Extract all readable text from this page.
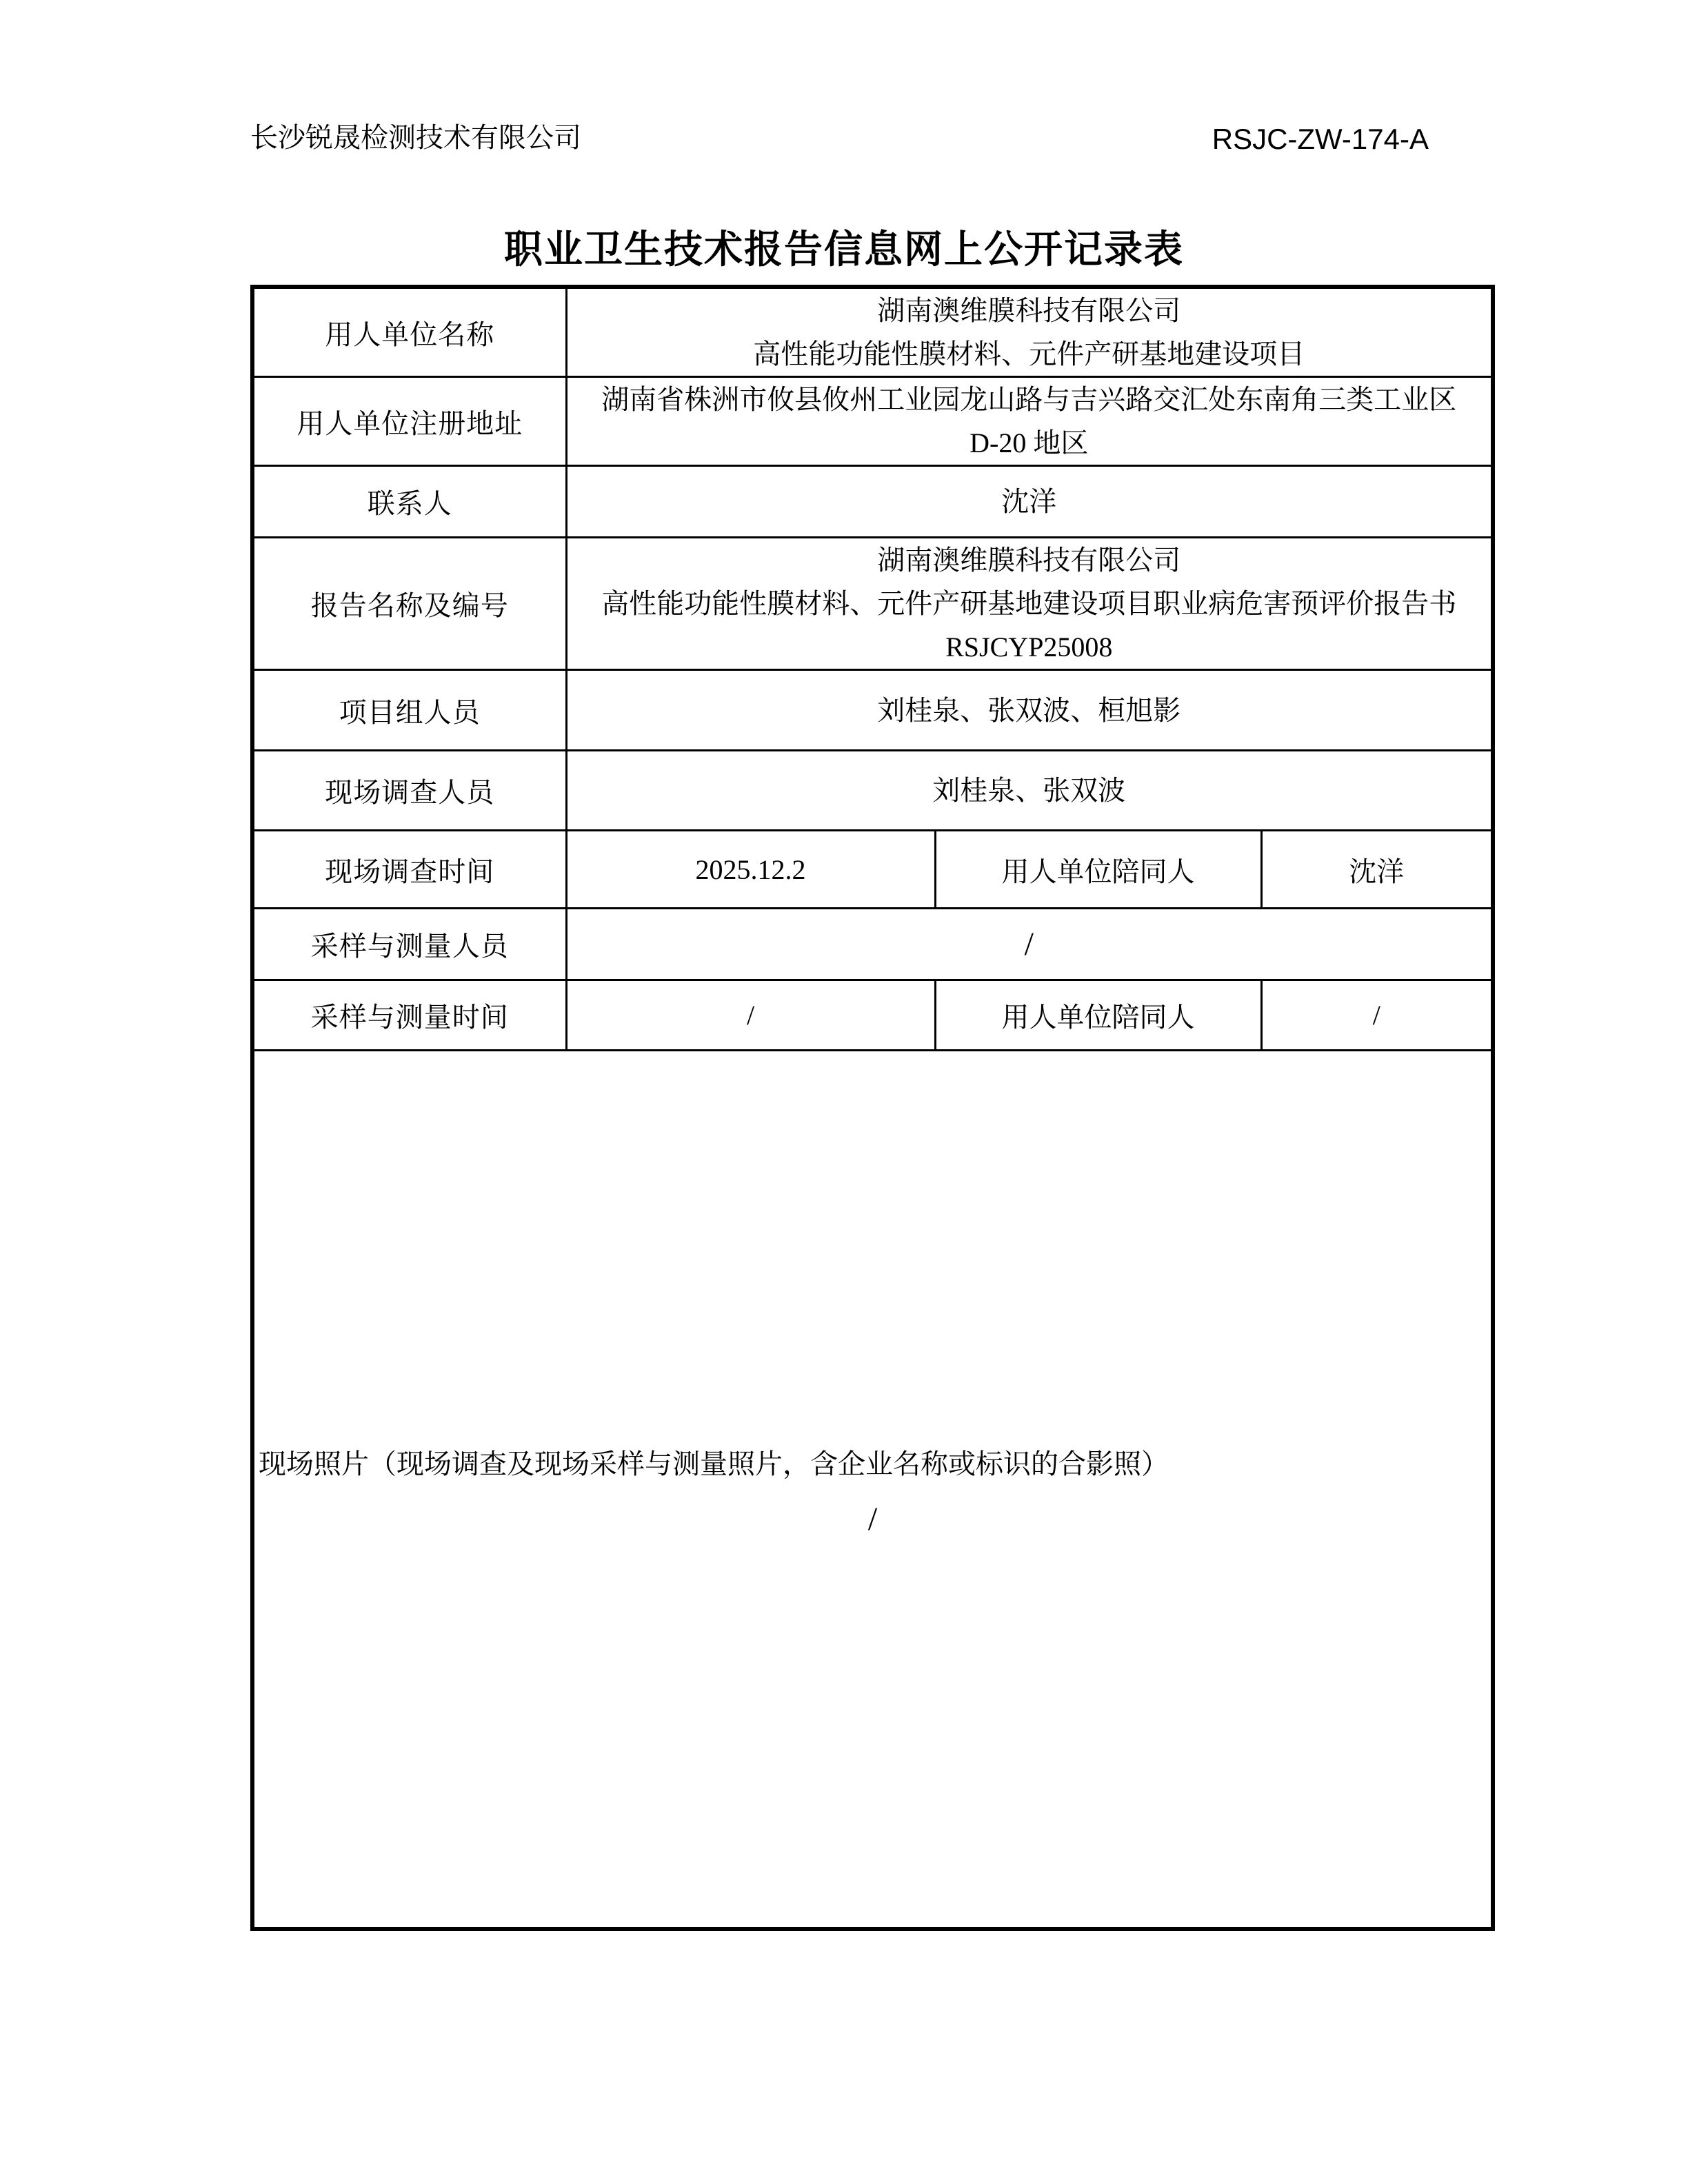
长沙锐晟检测技术有限公司	RSJC-ZW-174-A
职业卫生技术报告信息网上公开记录表
用人单位名称	湖南澳维膜科技有限公司
高性能功能性膜材料、元件产研基地建设项目		

用人单位注册地址	湖南省株洲市攸县攸州工业园龙山路与吉兴路交汇处东南角三类工业区
D-20 地区		

联系人	沈洋		

报告名称及编号	湖南澳维膜科技有限公司
高性能功能性膜材料、元件产研基地建设项目职业病危害预评价报告书
RSJCYP25008		

项目组人员	刘桂泉、张双波、桓旭影		

现场调查人员	刘桂泉、张双波		

现场调查时间	2025.12.2	用人单位陪同人	沈洋
采样与测量人员	/		

采样与测量时间	/	用人单位陪同人	/

现场照片（现场调查及现场采样与测量照片，含企业名称或标识的合影照）
/			
